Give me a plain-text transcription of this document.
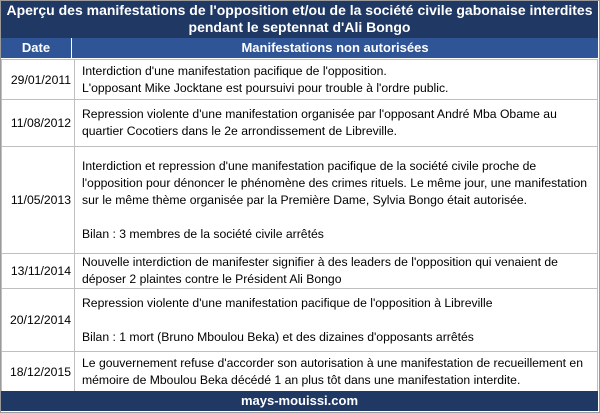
Aperçu des manifestations de l'opposition et/ou de la société civile gabonaise interdites
pendant le septennat d'Ali Bongo
Date	Manifestations non autorisées
29/01/2011	Interdiction d'une manifestation pacifique de l'opposition.
L'opposant Mike Jocktane est poursuivi pour trouble à l'ordre public.

11/08/2012	Repression violente d'une manifestation organisée par l'opposant André Mba Obame au quartier Cocotiers dans le 2e arrondissement de Libreville.

11/05/2013	Interdiction et repression d'une manifestation pacifique de la société civile proche de l'opposition pour dénoncer le phénomène des crimes rituels. Le même jour, une manifestation sur le même thème organisée par la Première Dame, Sylvia Bongo était autorisée.
Bilan : 3 membres de la société civile arrêtés

13/11/2014	Nouvelle interdiction de manifester signifier à des leaders de l'opposition qui venaient de déposer 2 plaintes contre le Président Ali Bongo

20/12/2014	Repression violente d'une manifestation pacifique de l'opposition à Libreville
Bilan : 1 mort (Bruno Mboulou Beka) et des dizaines d'opposants arrêtés

18/12/2015	Le gouvernement refuse d'accorder son autorisation à une manifestation de recueillement en mémoire de Mboulou Beka décédé 1 an plus tôt dans une manifestation interdite.
mays-mouissi.com
